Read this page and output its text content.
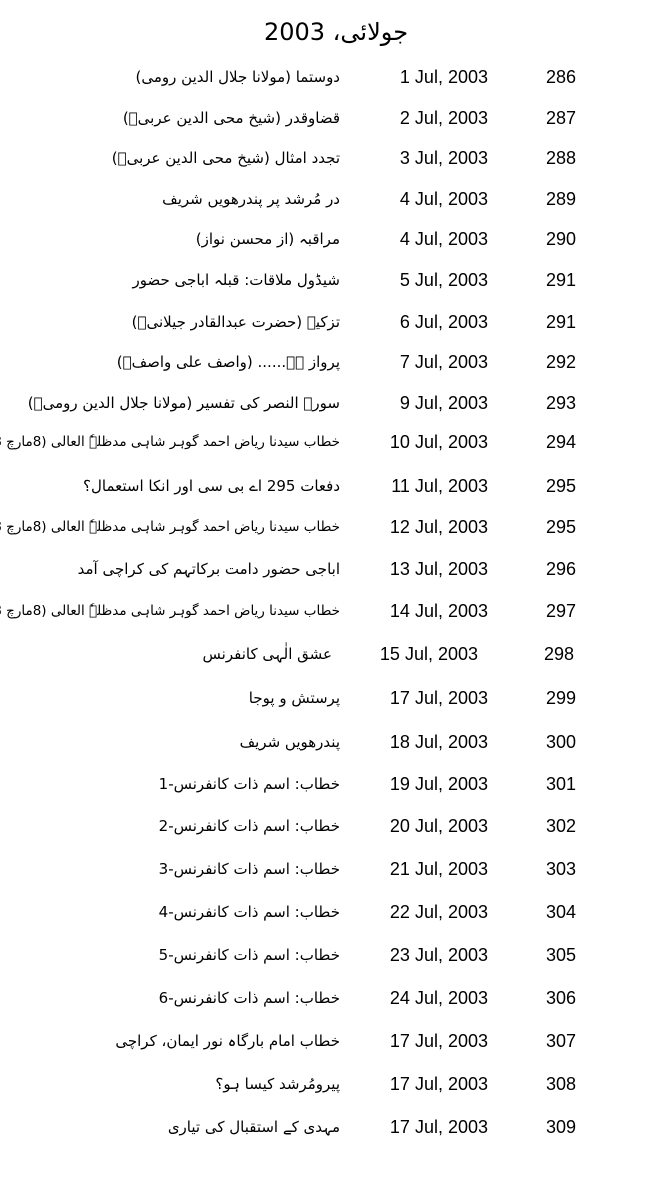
جولائی، 2003
دوستما (مولانا جلال الدین رومی)	1 Jul, 2003	286
قضاوقدر (شیخ محی الدین عربیؒ)	2 Jul, 2003	287
تجدد امثال (شیخ محی الدین عربیؒ)	3 Jul, 2003	288
در مُرشد پر پندرھویں شریف	4 Jul, 2003	289
مراقبہ (از محسن نواز)	4 Jul, 2003	290
شیڈول ملاقات: قبلہ اباجی حضور	5 Jul, 2003	291
تزکیہ (حضرت عبدالقادر جیلانیؒ)	6 Jul, 2003	291
پرواز ہے...... (واصف علی واصفؒ)	7 Jul, 2003	292
سورۃ النصر کی تفسیر (مولانا جلال الدین رومیؒ)	9 Jul, 2003	293
خطاب سیدنا ریاض احمد گوہر شاہی مدظلہٗ العالی (8مارچ	10 Jul, 2003	294
دفعات 295 اے بی سی اور انکا استعمال؟	11 Jul, 2003	295
خطاب سیدنا ریاض احمد گوہر شاہی مدظلہٗ العالی (8مارچ	12 Jul, 2003	295
اباجی حضور دامت برکاتہم کی کراچی آمد	13 Jul, 2003	296
خطاب سیدنا ریاض احمد گوہر شاہی مدظلہٗ العالی (8مارچ	14 Jul, 2003	297
عشق الٰہی کانفرنس	15 Jul, 2003	298
پرستش و پوجا	17 Jul, 2003	299
پندرھویں شریف	18 Jul, 2003	300
خطاب: اسم ذات کانفرنس-1	19 Jul, 2003	301
خطاب: اسم ذات کانفرنس-2	20 Jul, 2003	302
خطاب: اسم ذات کانفرنس-3	21 Jul, 2003	303
خطاب: اسم ذات کانفرنس-4	22 Jul, 2003	304
خطاب: اسم ذات کانفرنس-5	23 Jul, 2003	305
خطاب: اسم ذات کانفرنس-6	24 Jul, 2003	306
خطاب امام بارگاہ نور ایمان، کراچی	17 Jul, 2003	307
پیرومُرشد کیسا ہو؟	17 Jul, 2003	308
مہدی کے استقبال کی تیاری	17 Jul, 2003	309
